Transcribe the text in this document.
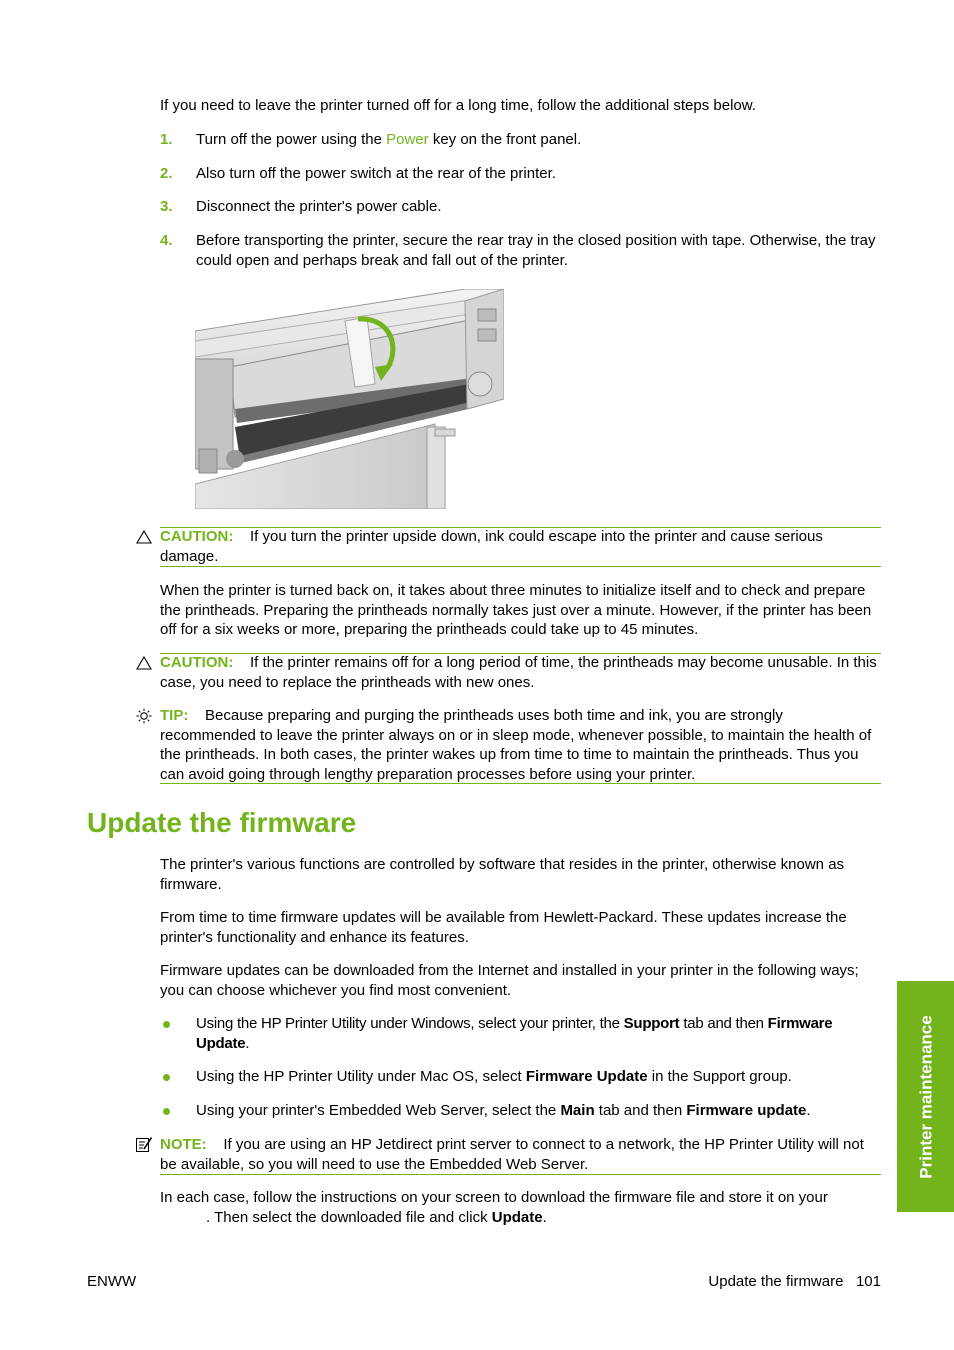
If you need to leave the printer turned off for a long time, follow the additional steps below.

1. Turn off the power using the Power key on the front panel.

2. Also turn off the power switch at the rear of the printer.

3. Disconnect the printer's power cable.

4. Before transporting the printer, secure the rear tray in the closed position with tape. Otherwise, the tray could open and perhaps break and fall out of the printer.

CAUTION: If you turn the printer upside down, ink could escape into the printer and cause serious damage.

When the printer is turned back on, it takes about three minutes to initialize itself and to check and prepare the printheads. Preparing the printheads normally takes just over a minute. However, if the printer has been off for a six weeks or more, preparing the printheads could take up to 45 minutes.

CAUTION: If the printer remains off for a long period of time, the printheads may become unusable. In this case, you need to replace the printheads with new ones.

TIP: Because preparing and purging the printheads uses both time and ink, you are strongly recommended to leave the printer always on or in sleep mode, whenever possible, to maintain the health of the printheads. In both cases, the printer wakes up from time to time to maintain the printheads. Thus you can avoid going through lengthy preparation processes before using your printer.

Update the firmware

The printer's various functions are controlled by software that resides in the printer, otherwise known as firmware.

From time to time firmware updates will be available from Hewlett-Packard. These updates increase the printer's functionality and enhance its features.

Firmware updates can be downloaded from the Internet and installed in your printer in the following ways; you can choose whichever you find most convenient.

Using the HP Printer Utility under Windows, select your printer, the Support tab and then Firmware Update.

Using the HP Printer Utility under Mac OS, select Firmware Update in the Support group.

Using your printer's Embedded Web Server, select the Main tab and then Firmware update.

NOTE: If you are using an HP Jetdirect print server to connect to a network, the HP Printer Utility will not be available, so you will need to use the Embedded Web Server.

In each case, follow the instructions on your screen to download the firmware file and store it on your
. Then select the downloaded file and click Update.

Printer maintenance
ENWW	Update the firmware 101
